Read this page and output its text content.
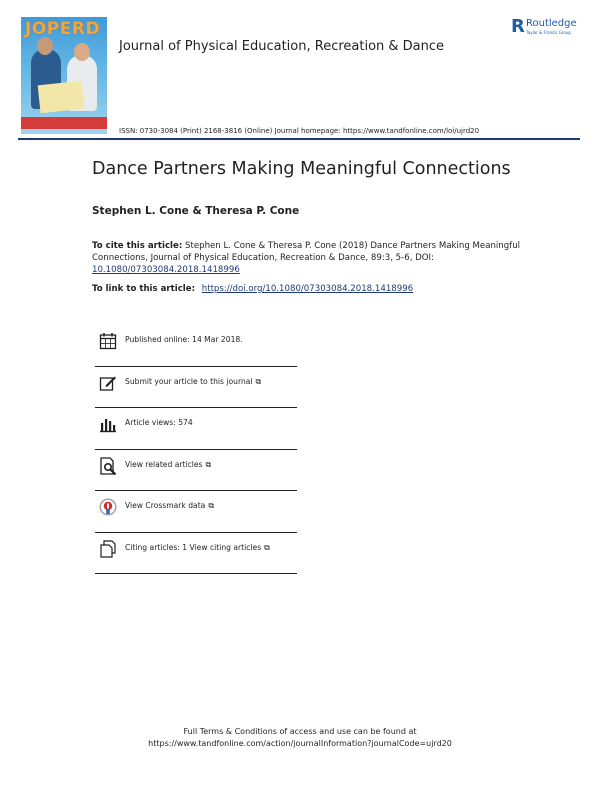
JOPERD
Journal of Physical Education, Recreation & Dance
R Routledge
Taylor & Francis Group
ISSN: 0730-3084 (Print) 2168-3816 (Online) Journal homepage: https://www.tandfonline.com/loi/ujrd20
Dance Partners Making Meaningful Connections
Stephen L. Cone & Theresa P. Cone
To cite this article: Stephen L. Cone & Theresa P. Cone (2018) Dance Partners Making Meaningful Connections, Journal of Physical Education, Recreation & Dance, 89:3, 5-6, DOI: 10.1080/07303084.2018.1418996
To link to this article: https://doi.org/10.1080/07303084.2018.1418996
Published online: 14 Mar 2018.
Submit your article to this journal ⧉
Article views: 574
View related articles ⧉
View Crossmark data ⧉
Citing articles: 1 View citing articles ⧉
Full Terms & Conditions of access and use can be found at
https://www.tandfonline.com/action/journalInformation?journalCode=ujrd20
